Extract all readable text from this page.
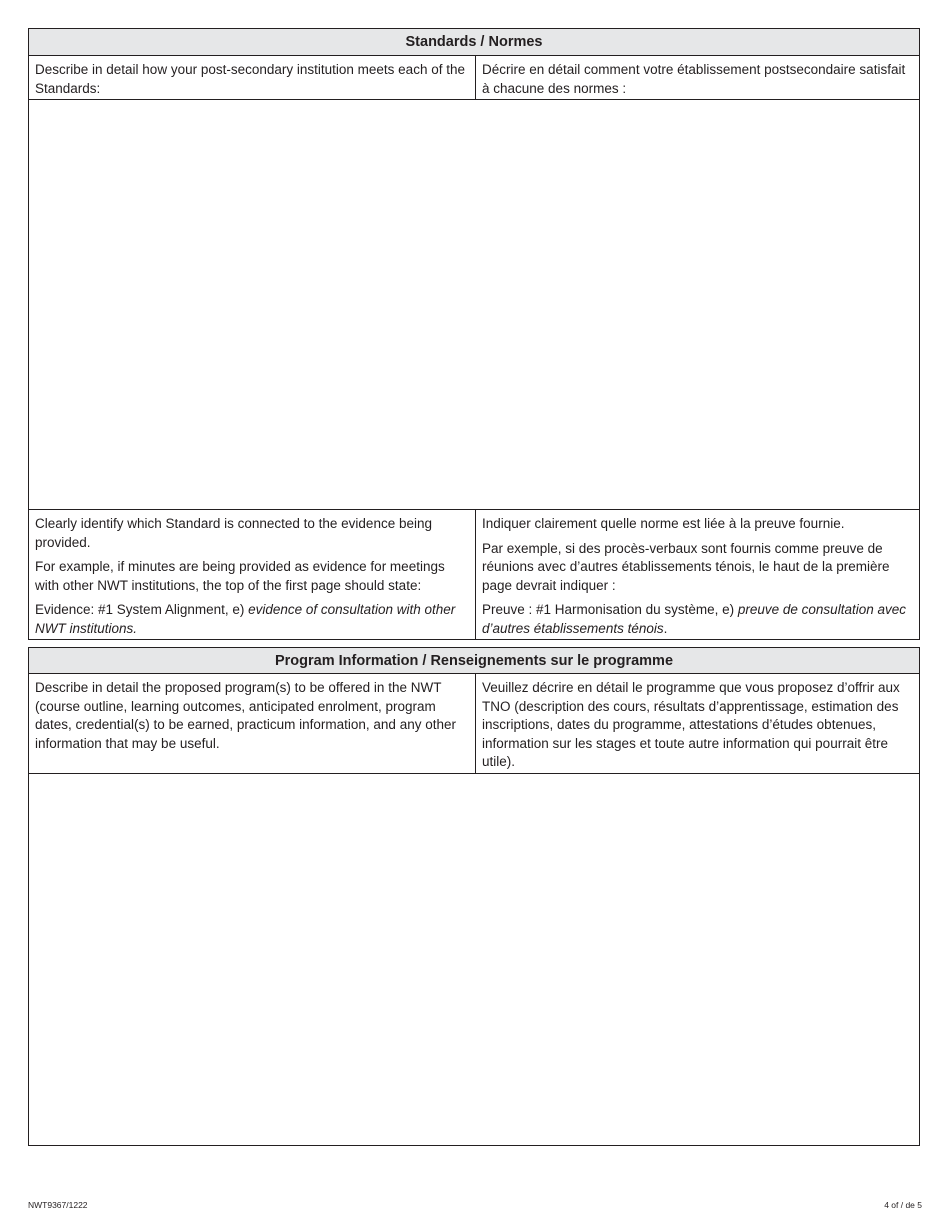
Standards / Normes
Describe in detail how your post-secondary institution meets each of the Standards:
Décrire en détail comment votre établissement postsecondaire satisfait à chacune des normes :

Clearly identify which Standard is connected to the evidence being provided.

For example, if minutes are being provided as evidence for meetings with other NWT institutions, the top of the first page should state:

Evidence: #1 System Alignment, e) evidence of consultation with other NWT institutions.

Indiquer clairement quelle norme est liée à la preuve fournie.

Par exemple, si des procès-verbaux sont fournis comme preuve de réunions avec d’autres établissements ténois, le haut de la première page devrait indiquer :

Preuve : #1 Harmonisation du système, e) preuve de consultation avec d’autres établissements ténois.

Program Information / Renseignements sur le programme
Describe in detail the proposed program(s) to be offered in the NWT (course outline, learning outcomes, anticipated enrolment, program dates, credential(s) to be earned, practicum information, and any other information that may be useful.
Veuillez décrire en détail le programme que vous proposez d’offrir aux TNO (description des cours, résultats d’apprentissage, estimation des inscriptions, dates du programme, attestations d’études obtenues, information sur les stages et toute autre information qui pourrait être utile).
NWT9367/1222	4 of / de 5
